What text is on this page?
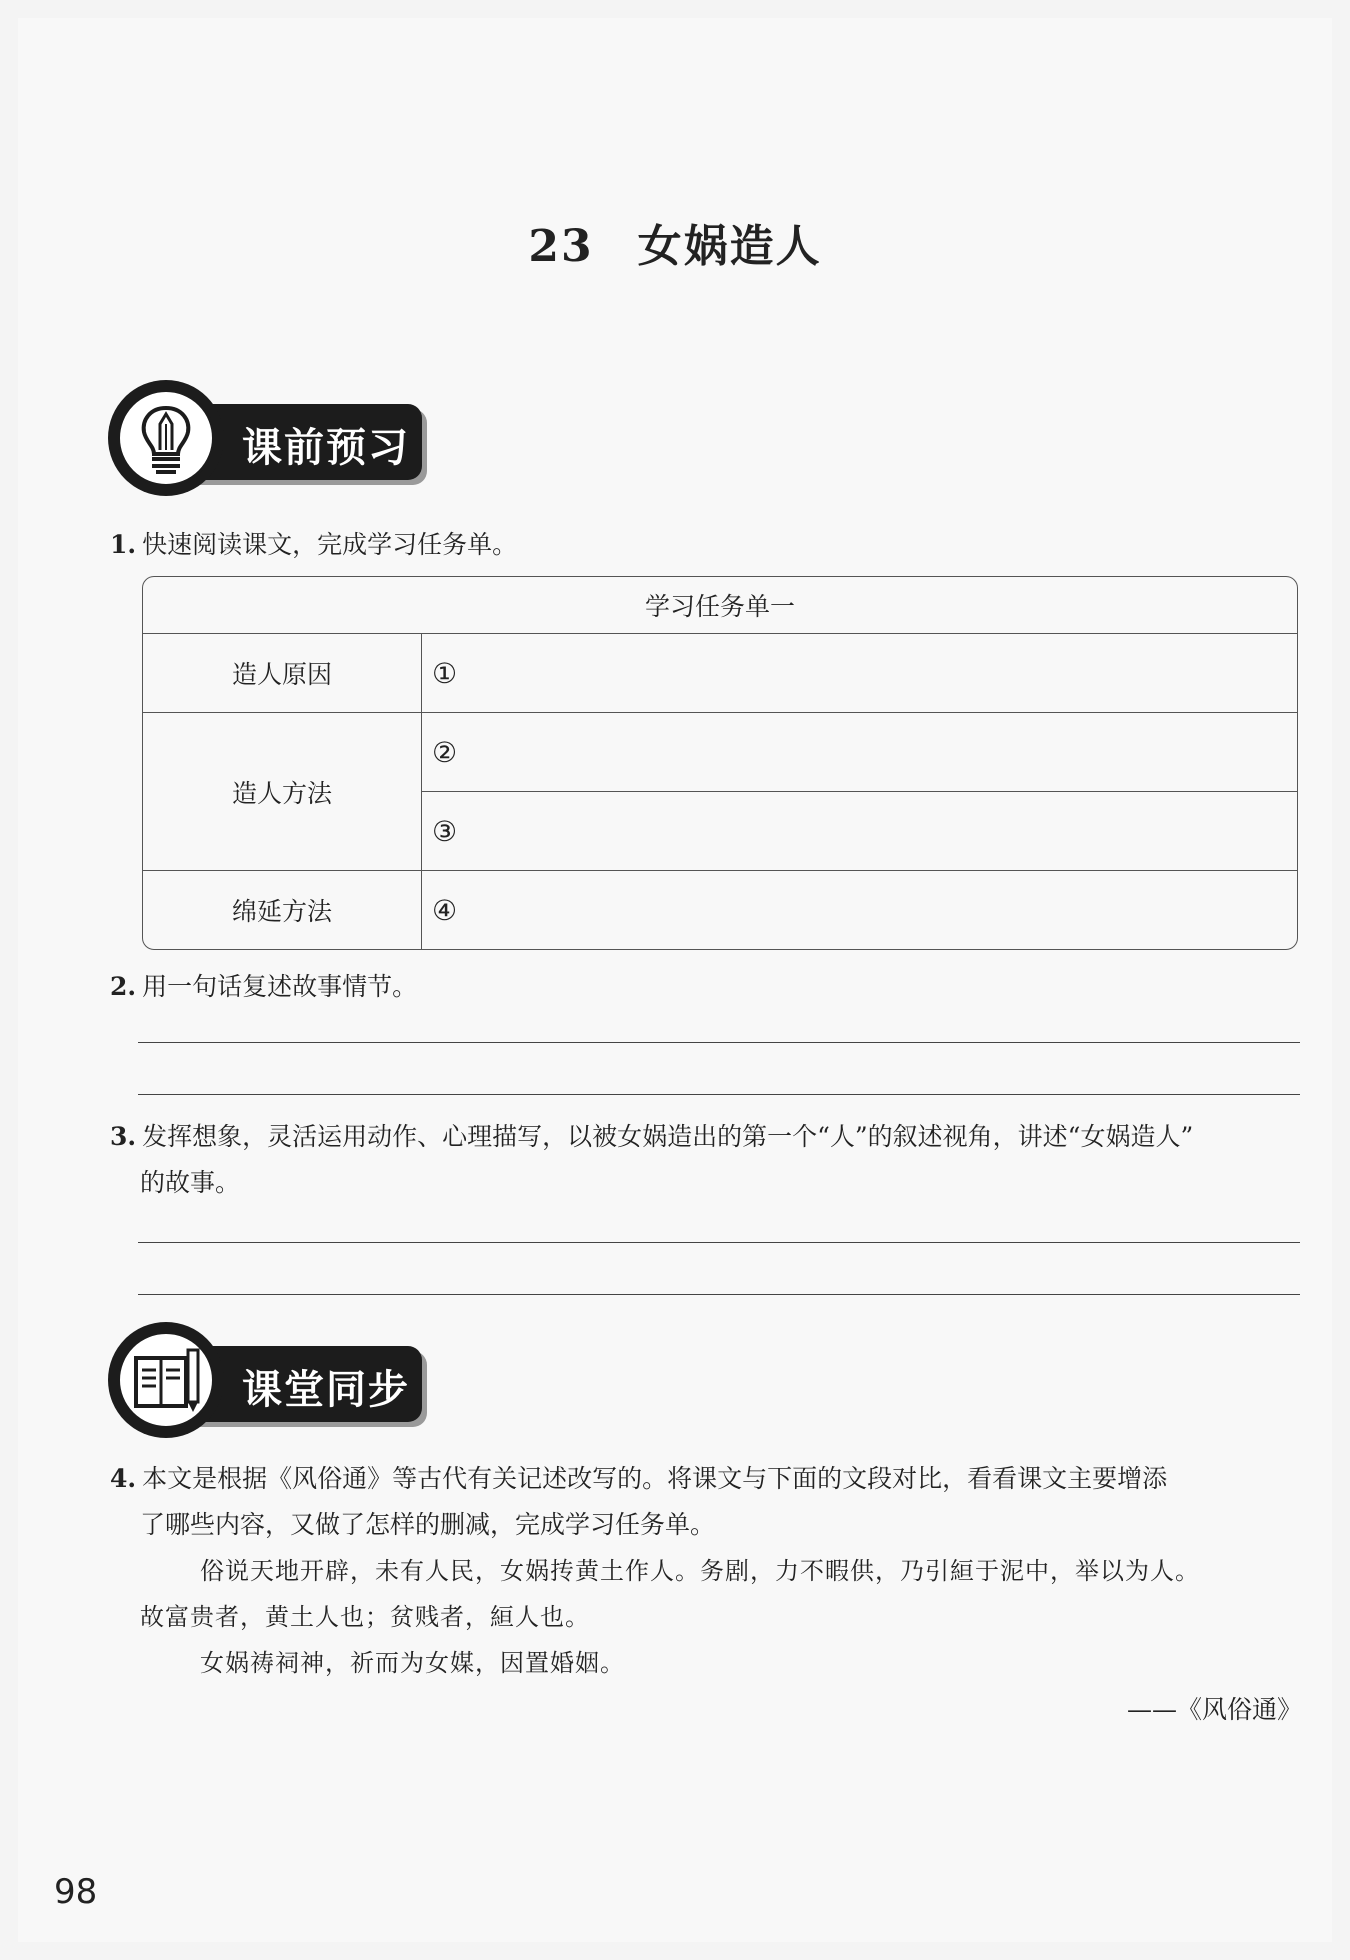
23 女娲造人
课前预习
1. 快速阅读课文，完成学习任务单。
学习任务单一	
造人原因	①
造人方法	②
	③
绵延方法	④
2. 用一句话复述故事情节。
3. 发挥想象，灵活运用动作、心理描写，以被女娲造出的第一个“人”的叙述视角，讲述“女娲造人”
的故事。
课堂同步
4. 本文是根据《风俗通》等古代有关记述改写的。将课文与下面的文段对比，看看课文主要增添
了哪些内容，又做了怎样的删减，完成学习任务单。
俗说天地开辟，未有人民，女娲抟黄土作人。务剧，力不暇供，乃引絙于泥中，举以为人。
故富贵者，黄土人也；贫贱者，絙人也。
女娲祷祠神，祈而为女媒，因置婚姻。
——《风俗通》
98
